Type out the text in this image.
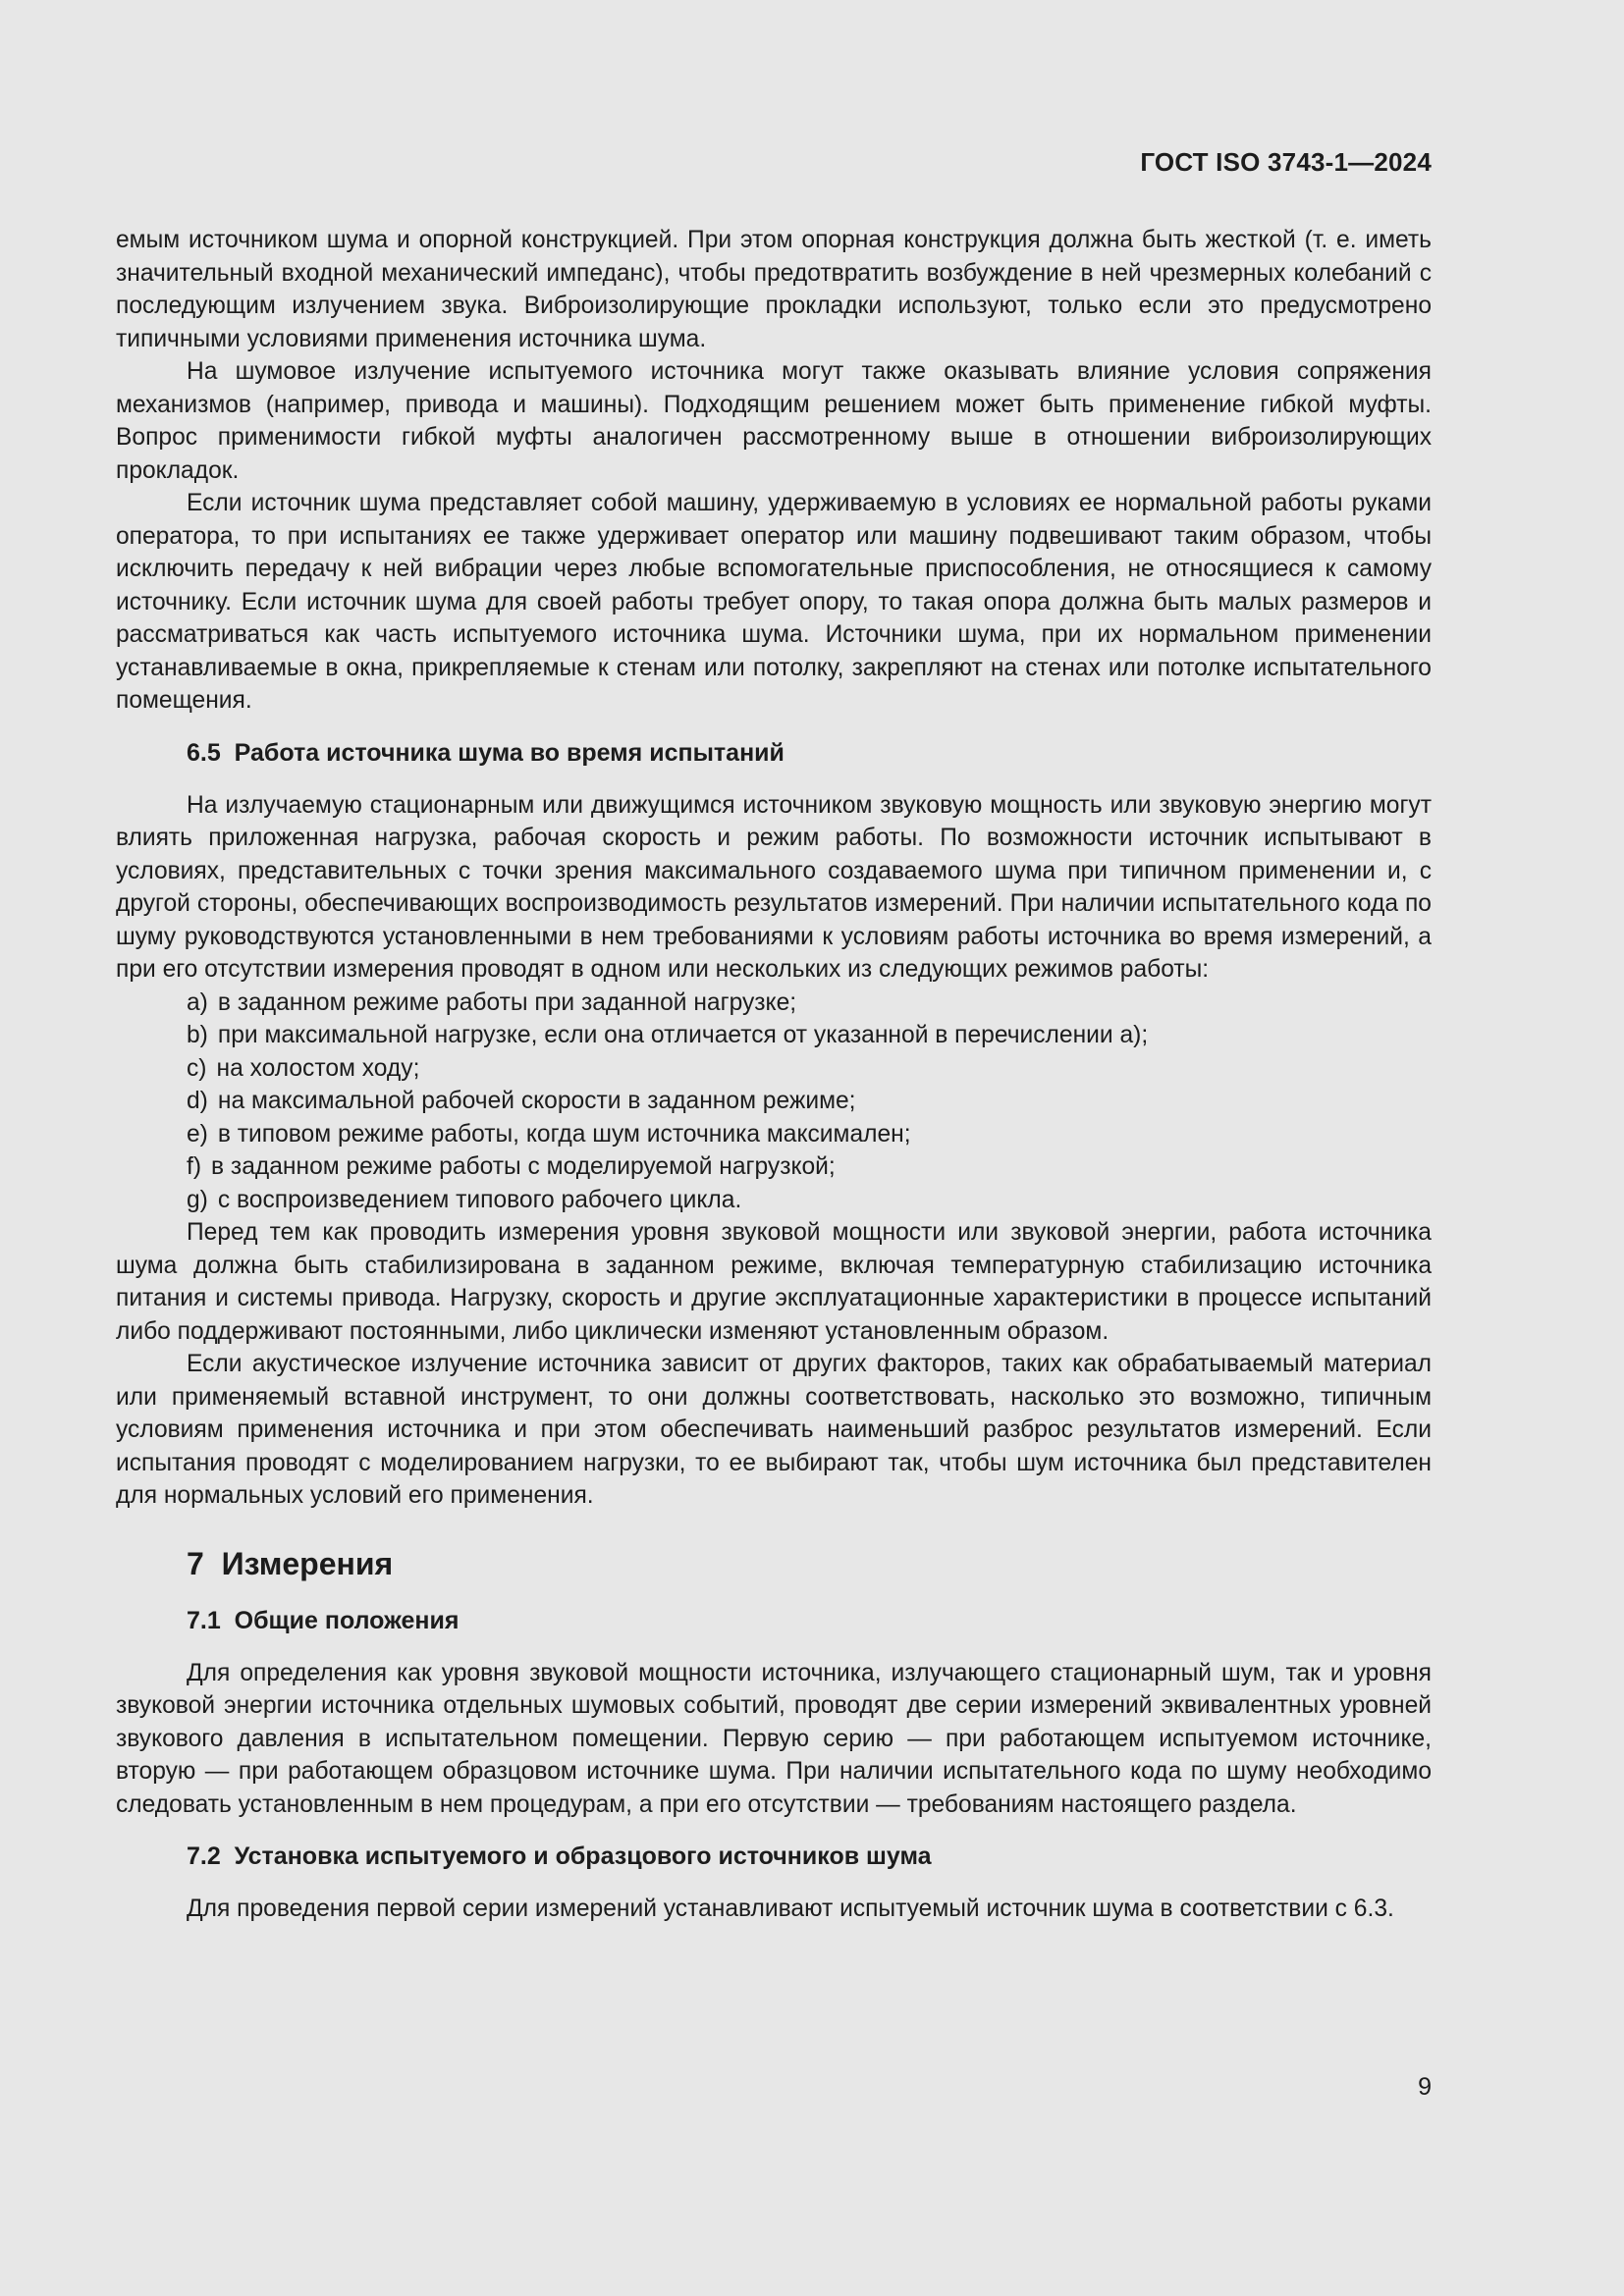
ГОСТ ISO 3743-1—2024

емым источником шума и опорной конструкцией. При этом опорная конструкция должна быть жесткой (т. е. иметь значительный входной механический импеданс), чтобы предотвратить возбуждение в ней чрезмерных колебаний с последующим излучением звука. Виброизолирующие прокладки используют, только если это предусмотрено типичными условиями применения источника шума.

На шумовое излучение испытуемого источника могут также оказывать влияние условия сопряжения механизмов (например, привода и машины). Подходящим решением может быть применение гибкой муфты. Вопрос применимости гибкой муфты аналогичен рассмотренному выше в отношении виброизолирующих прокладок.

Если источник шума представляет собой машину, удерживаемую в условиях ее нормальной работы руками оператора, то при испытаниях ее также удерживает оператор или машину подвешивают таким образом, чтобы исключить передачу к ней вибрации через любые вспомогательные приспособления, не относящиеся к самому источнику. Если источник шума для своей работы требует опору, то такая опора должна быть малых размеров и рассматриваться как часть испытуемого источника шума. Источники шума, при их нормальном применении устанавливаемые в окна, прикрепляемые к стенам или потолку, закрепляют на стенах или потолке испытательного помещения.

6.5 Работа источника шума во время испытаний

На излучаемую стационарным или движущимся источником звуковую мощность или звуковую энергию могут влиять приложенная нагрузка, рабочая скорость и режим работы. По возможности источник испытывают в условиях, представительных с точки зрения максимального создаваемого шума при типичном применении и, с другой стороны, обеспечивающих воспроизводимость результатов измерений. При наличии испытательного кода по шуму руководствуются установленными в нем требованиями к условиям работы источника во время измерений, а при его отсутствии измерения проводят в одном или нескольких из следующих режимов работы:

a) в заданном режиме работы при заданной нагрузке;
b) при максимальной нагрузке, если она отличается от указанной в перечислении a);
c) на холостом ходу;
d) на максимальной рабочей скорости в заданном режиме;
e) в типовом режиме работы, когда шум источника максимален;
f) в заданном режиме работы с моделируемой нагрузкой;
g) с воспроизведением типового рабочего цикла.

Перед тем как проводить измерения уровня звуковой мощности или звуковой энергии, работа источника шума должна быть стабилизирована в заданном режиме, включая температурную стабилизацию источника питания и системы привода. Нагрузку, скорость и другие эксплуатационные характеристики в процессе испытаний либо поддерживают постоянными, либо циклически изменяют установленным образом.

Если акустическое излучение источника зависит от других факторов, таких как обрабатываемый материал или применяемый вставной инструмент, то они должны соответствовать, насколько это возможно, типичным условиям применения источника и при этом обеспечивать наименьший разброс результатов измерений. Если испытания проводят с моделированием нагрузки, то ее выбирают так, чтобы шум источника был представителен для нормальных условий его применения.

7 Измерения
7.1 Общие положения

Для определения как уровня звуковой мощности источника, излучающего стационарный шум, так и уровня звуковой энергии источника отдельных шумовых событий, проводят две серии измерений эквивалентных уровней звукового давления в испытательном помещении. Первую серию — при работающем испытуемом источнике, вторую — при работающем образцовом источнике шума. При наличии испытательного кода по шуму необходимо следовать установленным в нем процедурам, а при его отсутствии — требованиям настоящего раздела.

7.2 Установка испытуемого и образцового источников шума

Для проведения первой серии измерений устанавливают испытуемый источник шума в соответствии с 6.3.

9
